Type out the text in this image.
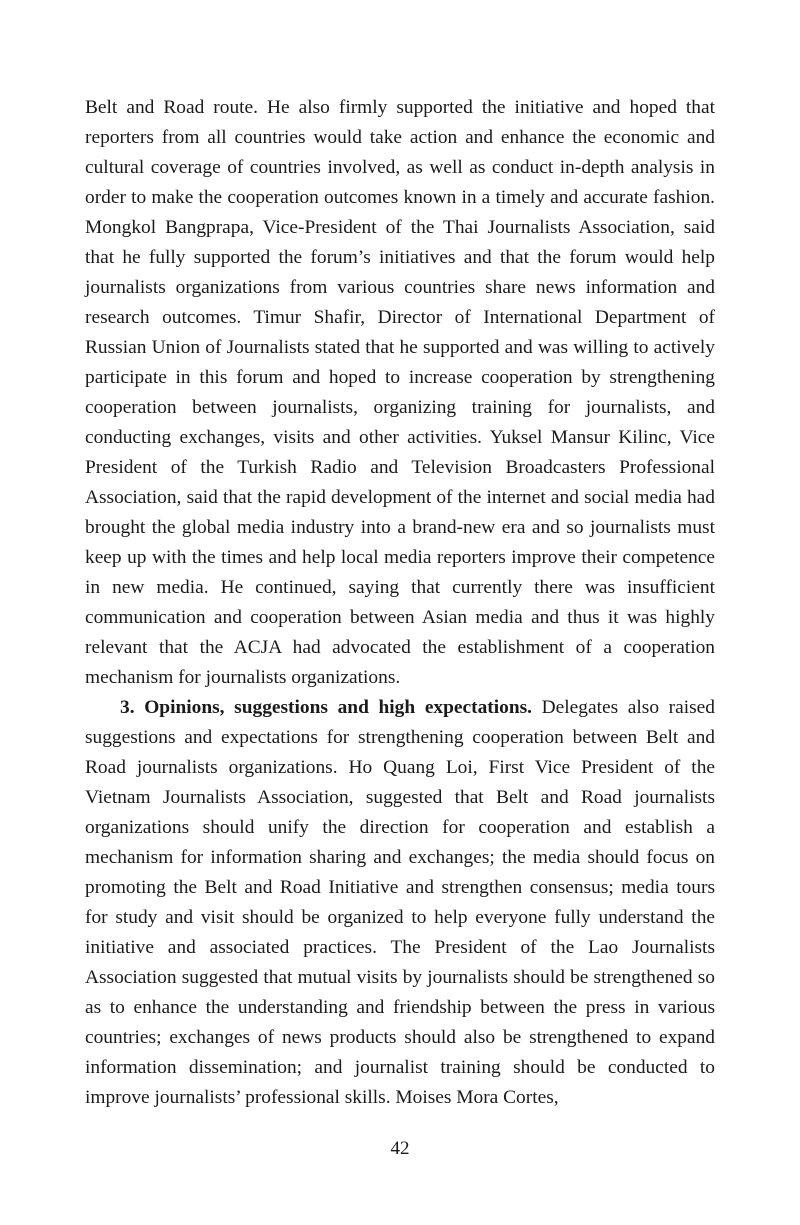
Belt and Road route. He also firmly supported the initiative and hoped that reporters from all countries would take action and enhance the economic and cultural coverage of countries involved, as well as conduct in-depth analysis in order to make the cooperation outcomes known in a timely and accurate fashion. Mongkol Bangprapa, Vice-President of the Thai Journalists Association, said that he fully supported the forum’s initiatives and that the forum would help journalists organizations from various countries share news information and research outcomes. Timur Shafir, Director of International Department of Russian Union of Journalists stated that he supported and was willing to actively participate in this forum and hoped to increase cooperation by strengthening cooperation between journalists, organizing training for journalists, and conducting exchanges, visits and other activities. Yuksel Mansur Kilinc, Vice President of the Turkish Radio and Television Broadcasters Professional Association, said that the rapid development of the internet and social media had brought the global media industry into a brand-new era and so journalists must keep up with the times and help local media reporters improve their competence in new media. He continued, saying that currently there was insufficient communication and cooperation between Asian media and thus it was highly relevant that the ACJA had advocated the establishment of a cooperation mechanism for journalists organizations.

3. Opinions, suggestions and high expectations. Delegates also raised suggestions and expectations for strengthening cooperation between Belt and Road journalists organizations. Ho Quang Loi, First Vice President of the Vietnam Journalists Association, suggested that Belt and Road journalists organizations should unify the direction for cooperation and establish a mechanism for information sharing and exchanges; the media should focus on promoting the Belt and Road Initiative and strengthen consensus; media tours for study and visit should be organized to help everyone fully understand the initiative and associated practices. The President of the Lao Journalists Association suggested that mutual visits by journalists should be strengthened so as to enhance the understanding and friendship between the press in various countries; exchanges of news products should also be strengthened to expand information dissemination; and journalist training should be conducted to improve journalists’ professional skills. Moises Mora Cortes,

42
